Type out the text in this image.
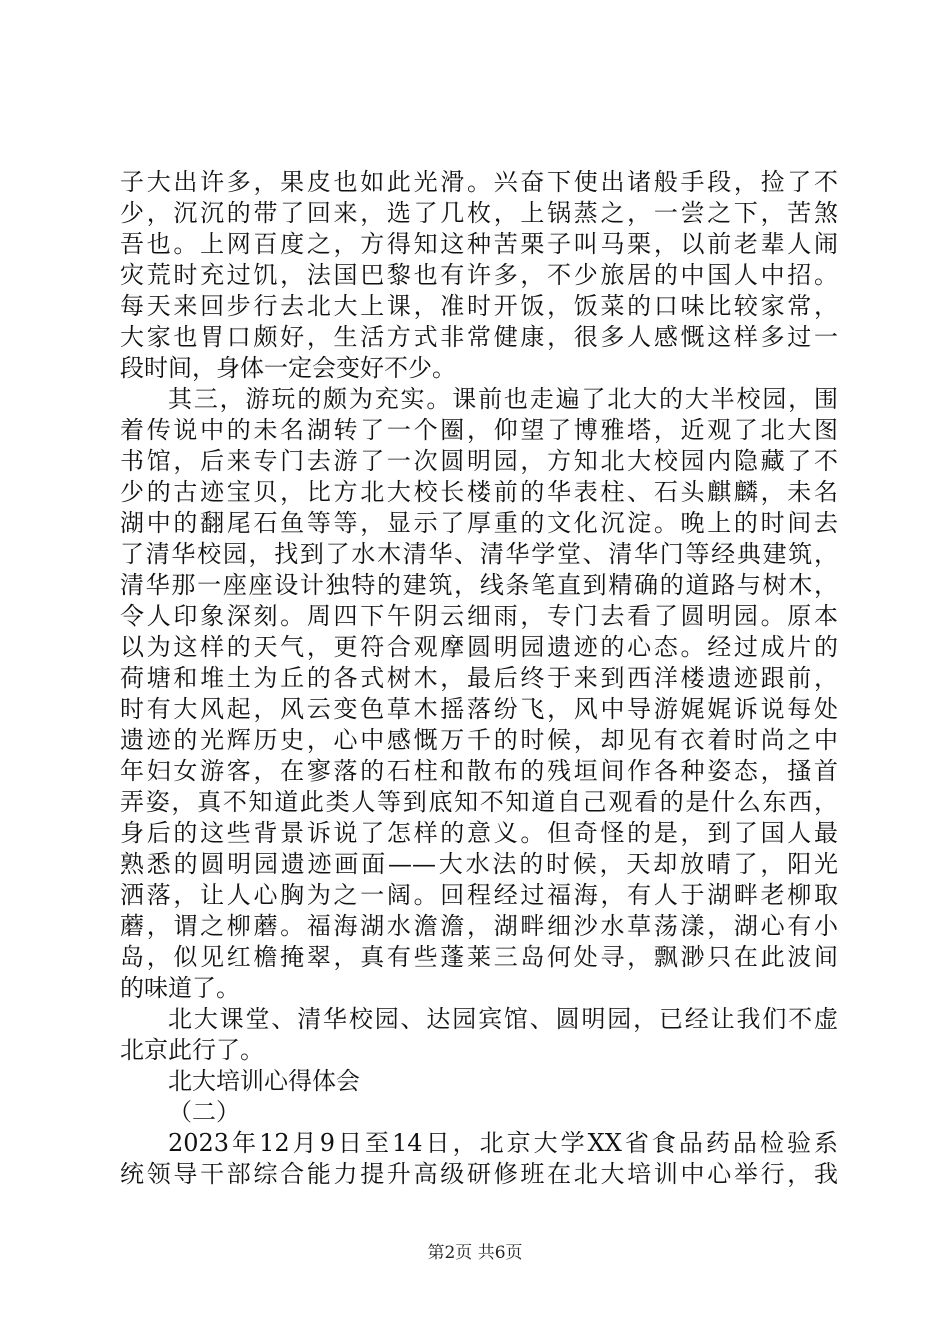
子大出许多，果皮也如此光滑。兴奋下使出诸般手段，捡了不
少，沉沉的带了回来，选了几枚，上锅蒸之，一尝之下，苦煞
吾也。上网百度之，方得知这种苦栗子叫马栗，以前老辈人闹
灾荒时充过饥，法国巴黎也有许多，不少旅居的中国人中招。
每天来回步行去北大上课，准时开饭，饭菜的口味比较家常，
大家也胃口颇好，生活方式非常健康，很多人感慨这样多过一
段时间，身体一定会变好不少。
其三，游玩的颇为充实。课前也走遍了北大的大半校园，围
着传说中的未名湖转了一个圈，仰望了博雅塔，近观了北大图
书馆，后来专门去游了一次圆明园，方知北大校园内隐藏了不
少的古迹宝贝，比方北大校长楼前的华表柱、石头麒麟，未名
湖中的翻尾石鱼等等，显示了厚重的文化沉淀。晚上的时间去
了清华校园，找到了水木清华、清华学堂、清华门等经典建筑，
清华那一座座设计独特的建筑，线条笔直到精确的道路与树木，
令人印象深刻。周四下午阴云细雨，专门去看了圆明园。原本
以为这样的天气，更符合观摩圆明园遗迹的心态。经过成片的
荷塘和堆土为丘的各式树木，最后终于来到西洋楼遗迹跟前，
时有大风起，风云变色草木摇落纷飞，风中导游娓娓诉说每处
遗迹的光辉历史，心中感慨万千的时候，却见有衣着时尚之中
年妇女游客，在寥落的石柱和散布的残垣间作各种姿态，搔首
弄姿，真不知道此类人等到底知不知道自己观看的是什么东西，
身后的这些背景诉说了怎样的意义。但奇怪的是，到了国人最
熟悉的圆明园遗迹画面——大水法的时候，天却放晴了，阳光
洒落，让人心胸为之一阔。回程经过福海，有人于湖畔老柳取
蘑，谓之柳蘑。福海湖水澹澹，湖畔细沙水草荡漾，湖心有小
岛，似见红檐掩翠，真有些蓬莱三岛何处寻，飘渺只在此波间
的味道了。
北大课堂、清华校园、达园宾馆、圆明园，已经让我们不虚
北京此行了。
北大培训心得体会
（二）
2023年12月9日至14日，北京大学XX省食品药品检验系
统领导干部综合能力提升高级研修班在北大培训中心举行，我
第2页 共6页
